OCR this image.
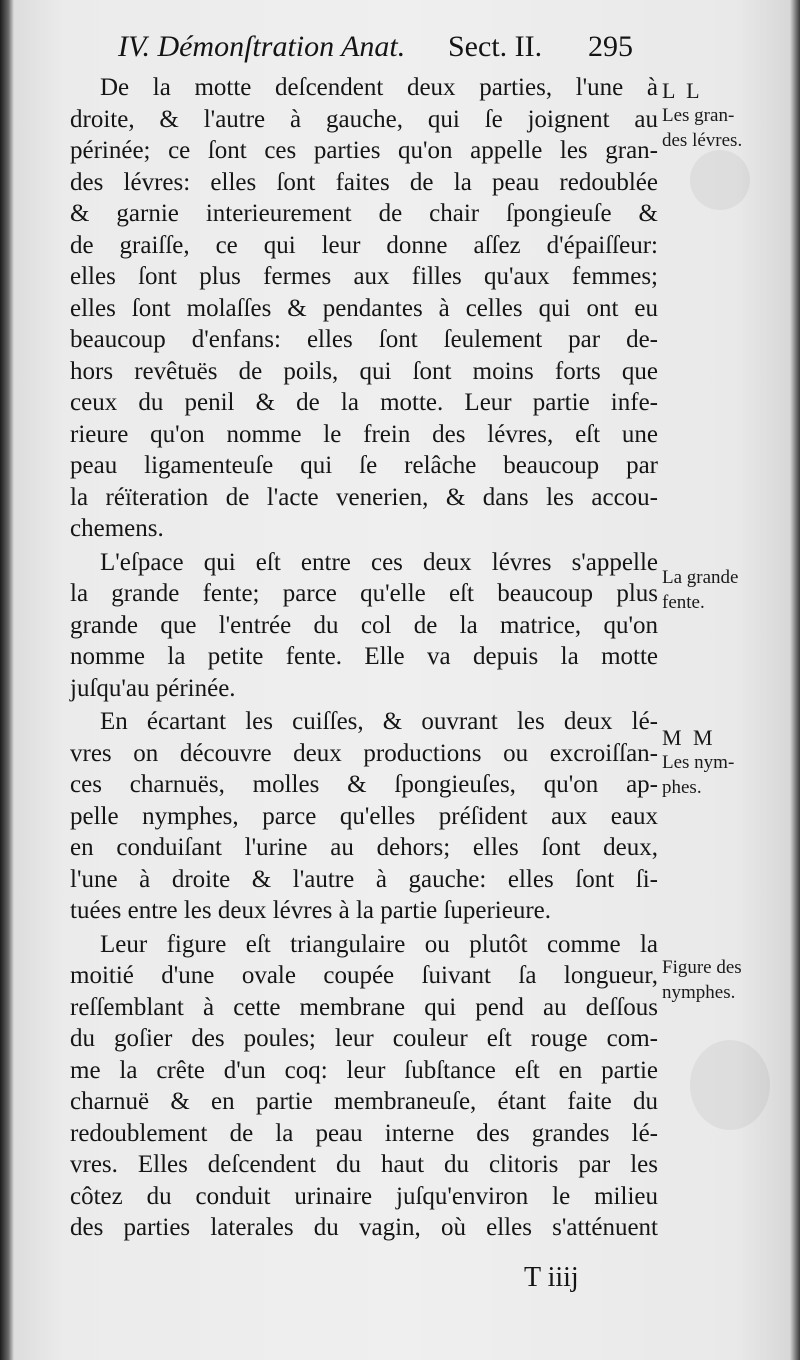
IV. Démonſtration Anat. Sect. II. 295
De la motte deſcendent deux parties, l'une à
droite, & l'autre à gauche, qui ſe joignent au
périnée; ce ſont ces parties qu'on appelle les gran-
des lévres: elles ſont faites de la peau redoublée
& garnie interieurement de chair ſpongieuſe &
de graiſſe, ce qui leur donne aſſez d'épaiſſeur:
elles ſont plus fermes aux filles qu'aux femmes;
elles ſont molaſſes & pendantes à celles qui ont eu
beaucoup d'enfans: elles ſont ſeulement par de-
hors revêtuës de poils, qui ſont moins forts que
ceux du penil & de la motte. Leur partie infe-
rieure qu'on nomme le frein des lévres, eſt une
peau ligamenteuſe qui ſe relâche beaucoup par
la réïteration de l'acte venerien, & dans les accou-
chemens.
L'eſpace qui eſt entre ces deux lévres s'appelle
la grande fente; parce qu'elle eſt beaucoup plus
grande que l'entrée du col de la matrice, qu'on
nomme la petite fente. Elle va depuis la motte
juſqu'au périnée.
En écartant les cuiſſes, & ouvrant les deux lé-
vres on découvre deux productions ou excroiſſan-
ces charnuës, molles & ſpongieuſes, qu'on ap-
pelle nymphes, parce qu'elles préſident aux eaux
en conduiſant l'urine au dehors; elles ſont deux,
l'une à droite & l'autre à gauche: elles ſont ſi-
tuées entre les deux lévres à la partie ſuperieure.
Leur figure eſt triangulaire ou plutôt comme la
moitié d'une ovale coupée ſuivant ſa longueur,
reſſemblant à cette membrane qui pend au deſſous
du goſier des poules; leur couleur eſt rouge com-
me la crête d'un coq: leur ſubſtance eſt en partie
charnuë & en partie membraneuſe, étant faite du
redoublement de la peau interne des grandes lé-
vres. Elles deſcendent du haut du clitoris par les
côtez du conduit urinaire juſqu'environ le milieu
des parties laterales du vagin, où elles s'atténuent
L L
Les gran-
des lévres.
La grande
fente.
M M
Les nym-
phes.
Figure des
nymphes.
T iiij
